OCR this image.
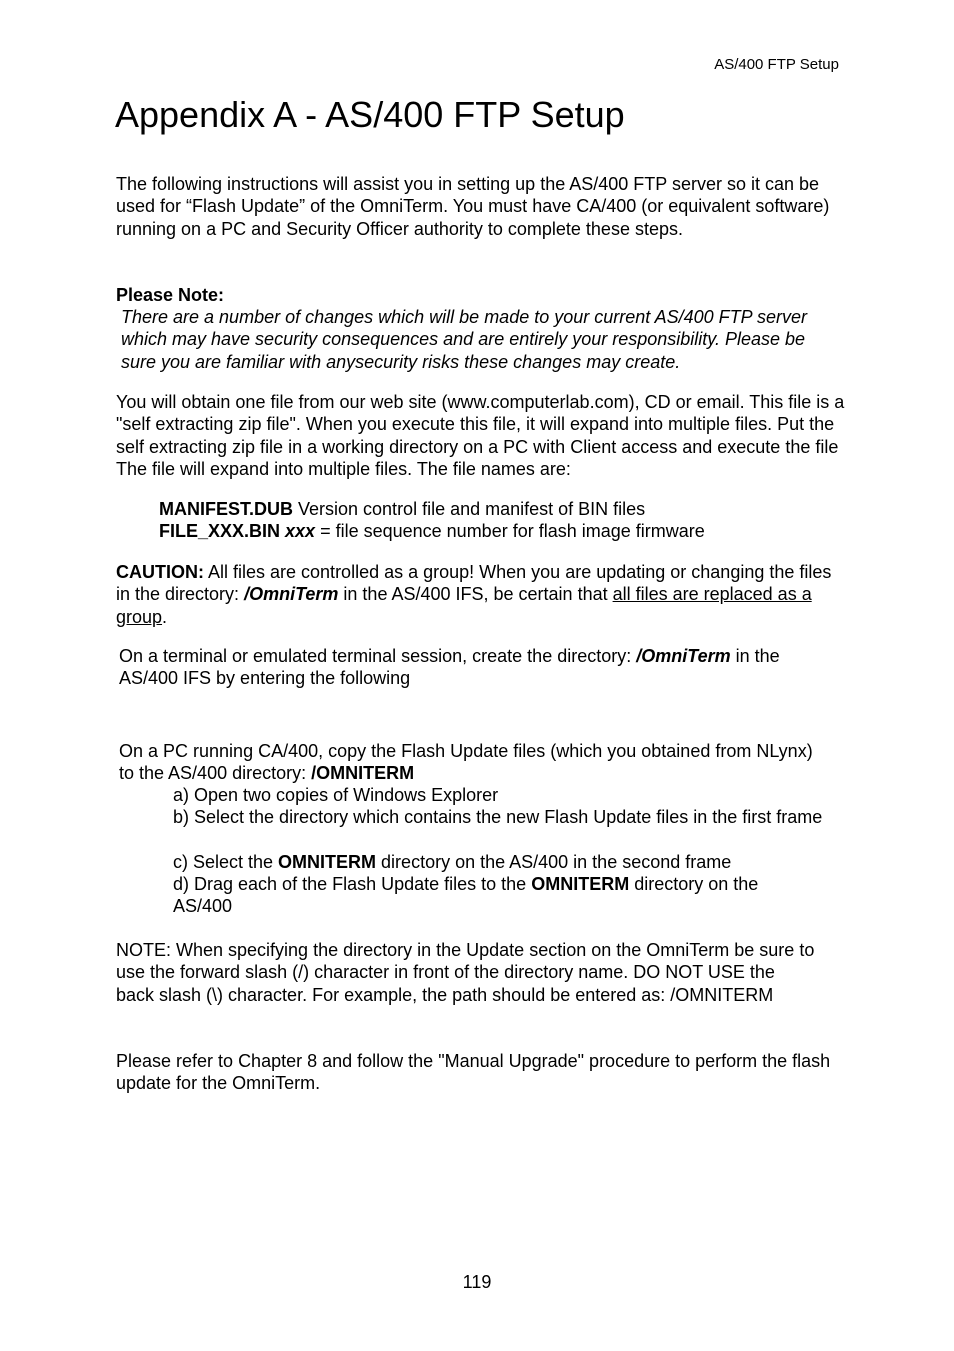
AS/400 FTP Setup
Appendix A - AS/400 FTP Setup

The following instructions will assist you in setting up the AS/400 FTP server so it can be used for “Flash Update” of the OmniTerm. You must have CA/400 (or equivalent software) running on a PC and Security Officer authority to complete these steps.

Please Note:

There are a number of changes which will be made to your current AS/400 FTP server which may have security consequences and are entirely your responsibility. Please be sure you are familiar with anysecurity risks these changes may create.

You will obtain one file from our web site (www.computerlab.com), CD or email. This file is a "self extracting zip file". When you execute this file, it will expand into multiple files. Put the self extracting zip file in a working directory on a PC with Client access and execute the file The file will expand into multiple files. The file names are:

MANIFEST.DUB Version control file and manifest of BIN files
FILE_XXX.BIN xxx = file sequence number for flash image firmware

CAUTION: All files are controlled as a group! When you are updating or changing the files in the directory: /OmniTerm in the AS/400 IFS, be certain that all files are replaced as a group.

On a terminal or emulated terminal session, create the directory: /OmniTerm in the AS/400 IFS by entering the following

On a PC running CA/400, copy the Flash Update files (which you obtained from NLynx) to the AS/400 directory: /OMNITERM

a) Open two copies of Windows Explorer
b) Select the directory which contains the new Flash Update files in the first frame
c) Select the OMNITERM directory on the AS/400 in the second frame
d) Drag each of the Flash Update files to the OMNITERM directory on the AS/400

NOTE: When specifying the directory in the Update section on the OmniTerm be sure to use the forward slash (/) character in front of the directory name. DO NOT USE the back slash (\) character. For example, the path should be entered as: /OMNITERM

Please refer to Chapter 8 and follow the "Manual Upgrade" procedure to perform the flash update for the OmniTerm.

119
